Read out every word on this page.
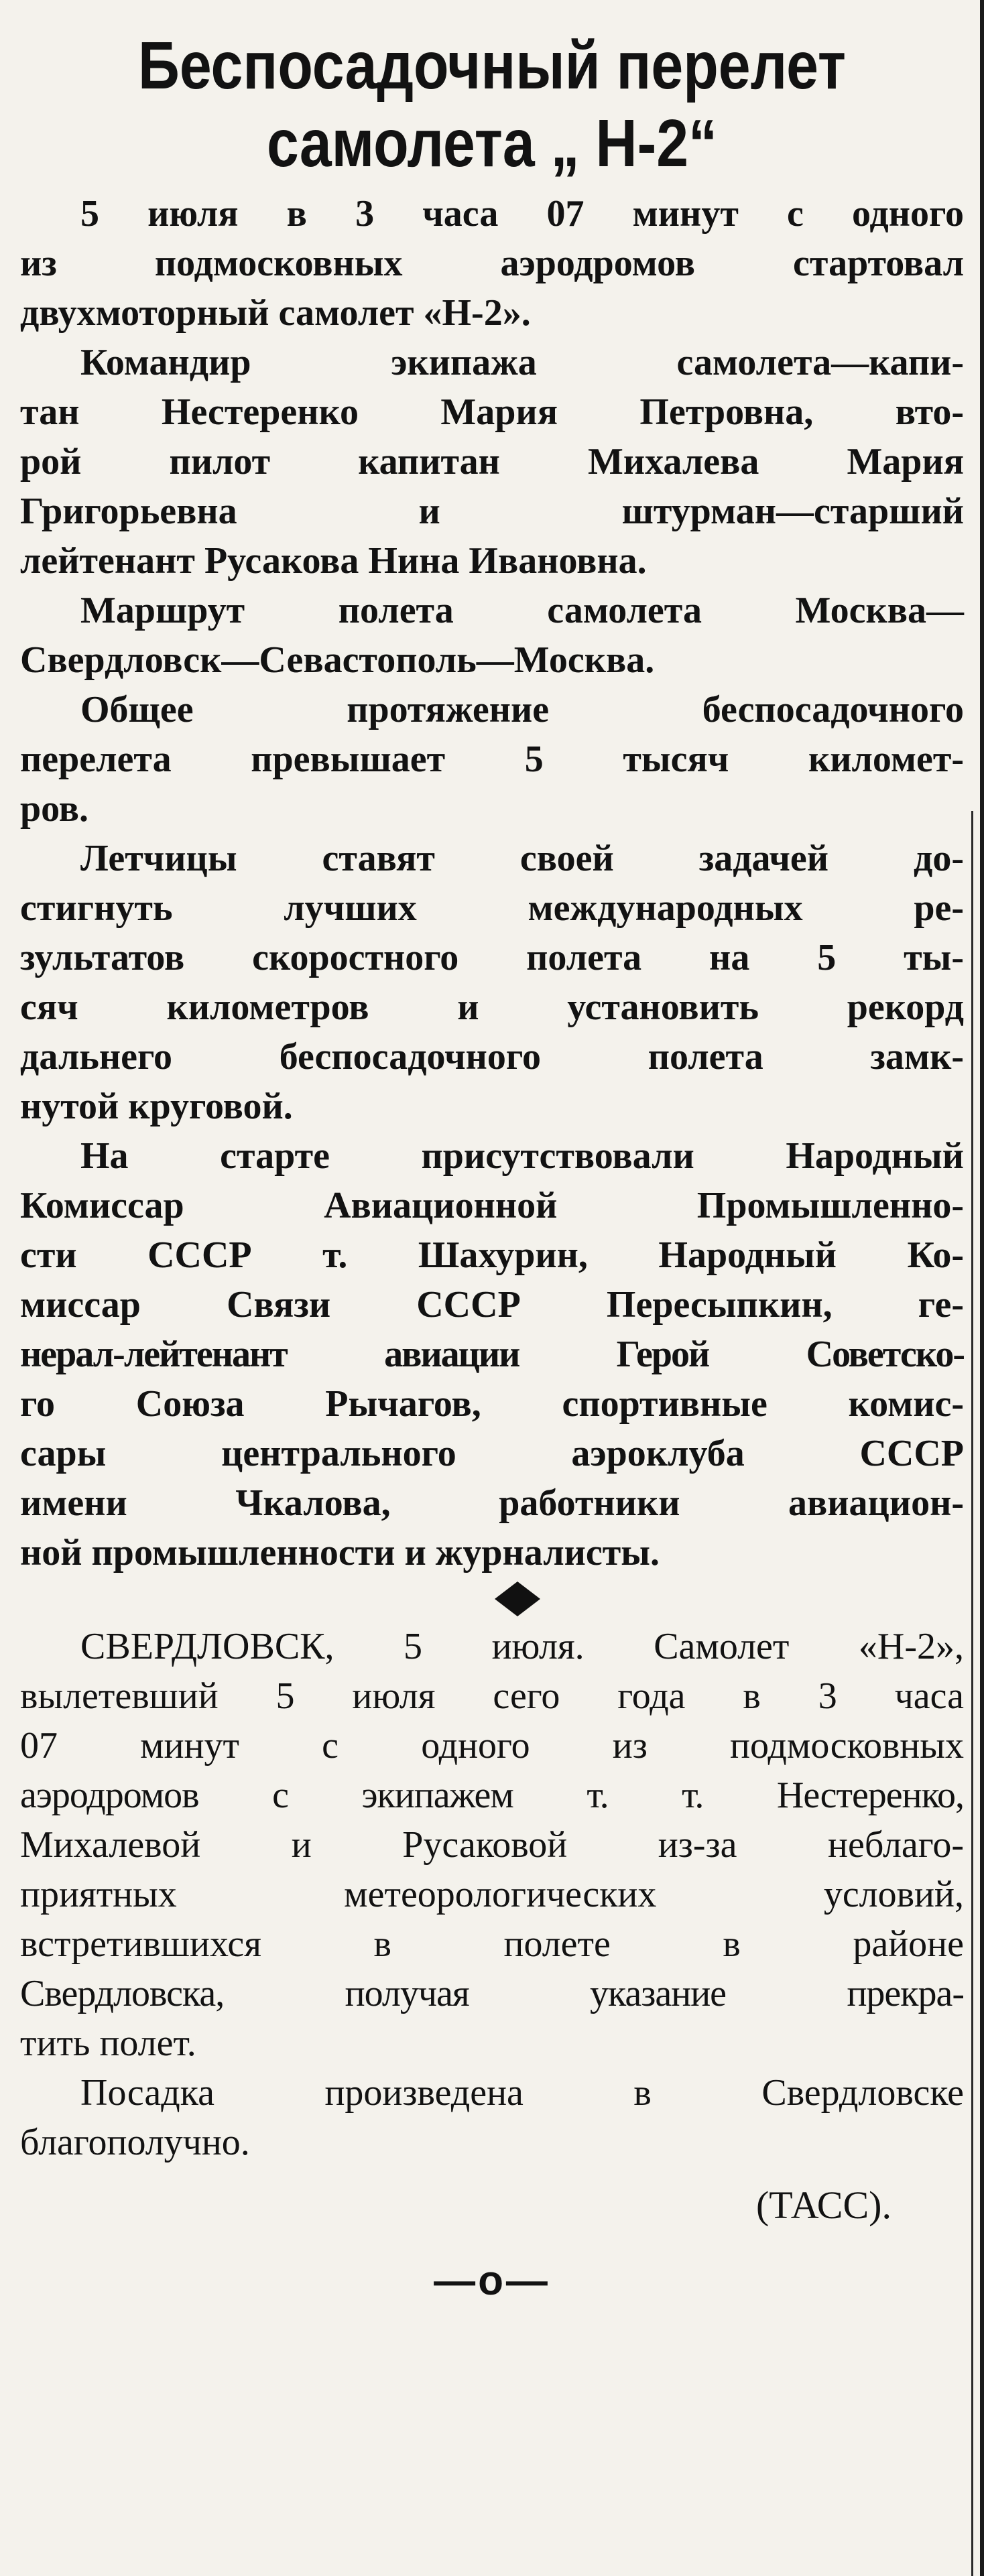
Беспосадочный перелет
самолета „ Н-2“
5 июля в 3 часа 07 минут с одного
из подмосковных аэродромов стартовал
двухмоторный самолет «Н-2».
Командир экипажа самолета—капи-
тан Нестеренко Мария Петровна, вто-
рой пилот капитан Михалева Мария
Григорьевна и штурман—старший
лейтенант Русакова Нина Ивановна.
Маршрут полета самолета Москва—
Свердловск—Севастополь—Москва.
Общее протяжение беспосадочного
перелета превышает 5 тысяч километ-
ров.
Летчицы ставят своей задачей до-
стигнуть лучших международных ре-
зультатов скоростного полета на 5 ты-
сяч километров и установить рекорд
дальнего беспосадочного полета замк-
нутой круговой.
На старте присутствовали Народный
Комиссар Авиационной Промышленно-
сти СССР т. Шахурин, Народный Ко-
миссар Связи СССР Пересыпкин, ге-
нерал-лейтенант авиации Герой Советско-
го Союза Рычагов, спортивные комис-
сары центрального аэроклуба СССР
имени Чкалова, работники авиацион-
ной промышленности и журналисты.
СВЕРДЛОВСК, 5 июля. Самолет «Н-2»,
вылетевший 5 июля сего года в 3 часа
07 минут с одного из подмосковных
аэродромов с экипажем т. т. Нестеренко,
Михалевой и Русаковой из-за неблаго-
приятных метеорологических условий,
встретившихся в полете в районе
Свердловска, получая указание прекра-
тить полет.
Посадка произведена в Свердловске
благополучно.
(ТАСС).
—o—
